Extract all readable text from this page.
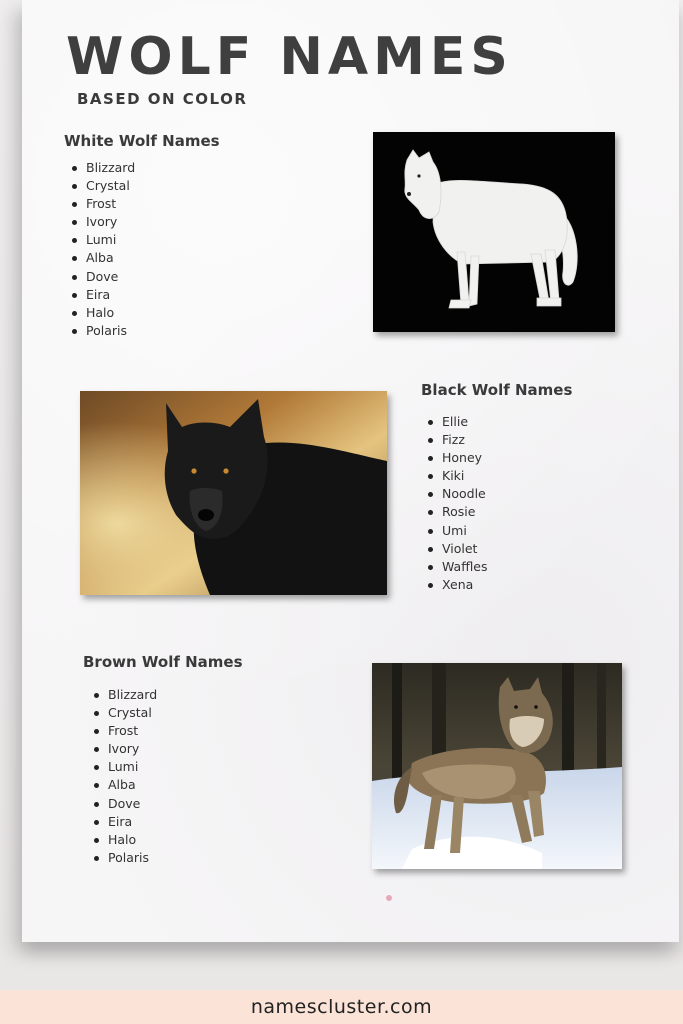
WOLF NAMES
BASED ON COLOR
White Wolf Names
Blizzard
Crystal
Frost
Ivory
Lumi
Alba
Dove
Eira
Halo
Polaris
Black Wolf Names
Ellie
Fizz
Honey
Kiki
Noodle
Rosie
Umi
Violet
Waffles
Xena
Brown Wolf Names
Blizzard
Crystal
Frost
Ivory
Lumi
Alba
Dove
Eira
Halo
Polaris
namescluster.com
